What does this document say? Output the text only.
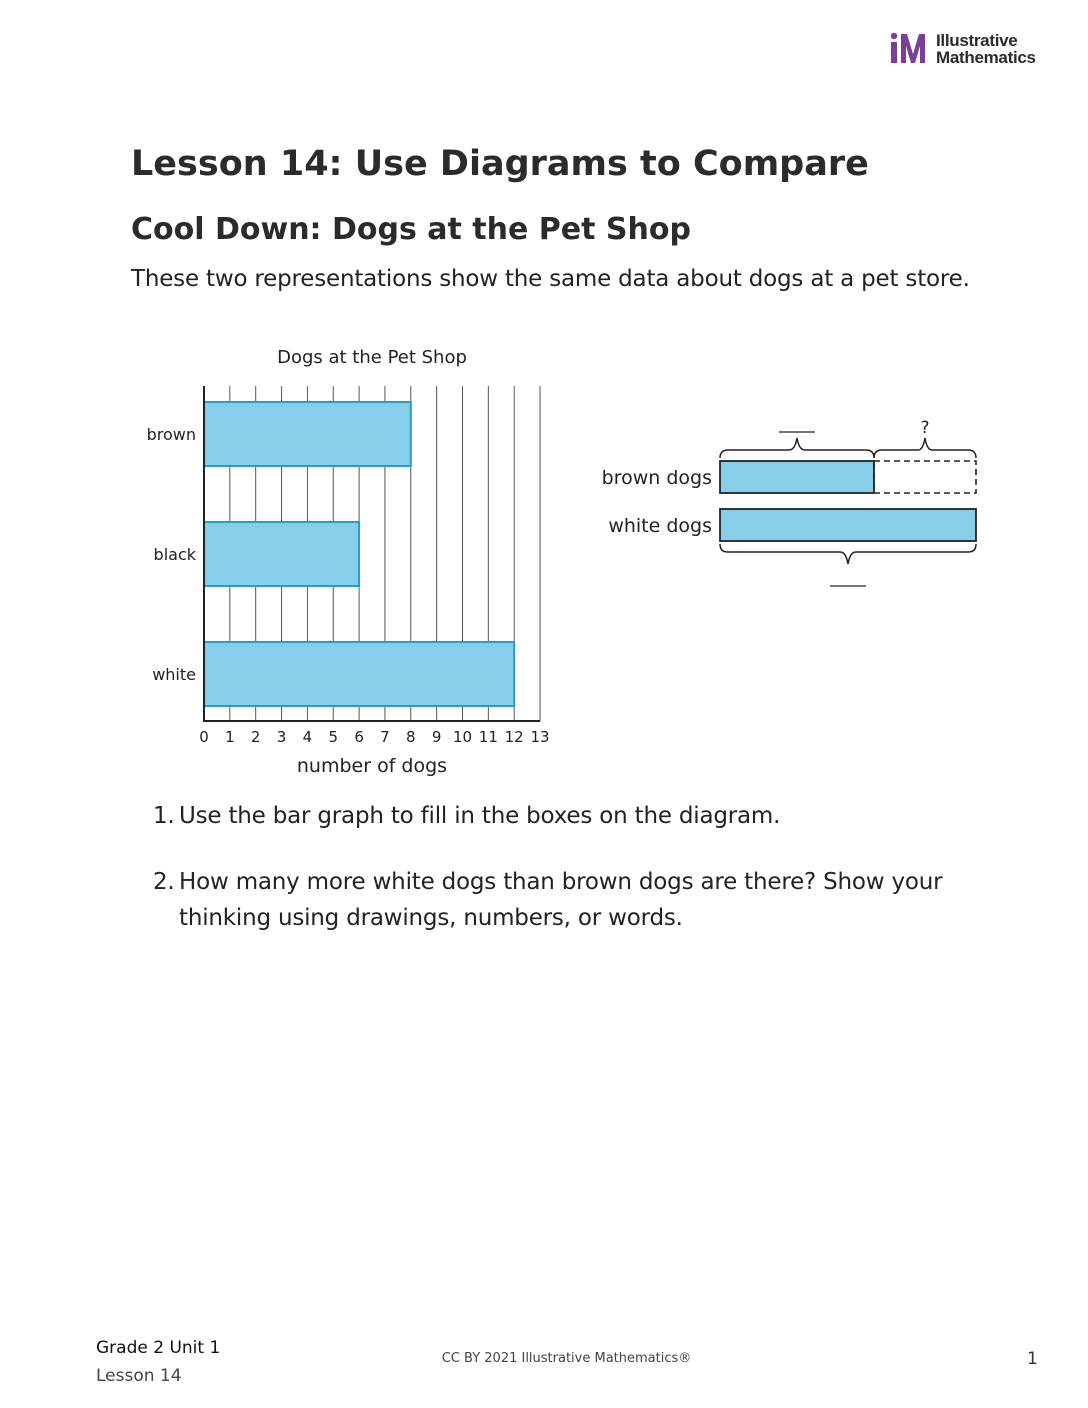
Illustrative
Mathematics
Lesson 14: Use Diagrams to Compare
Cool Down: Dogs at the Pet Shop

These two representations show the same data about dogs at a pet store.

Dogs at the Pet Shop
brown
black
white
0 1 2 3 4 5 6 7 8 9 10 11 12 13
number of dogs
?
brown dogs
white dogs
1. Use the bar graph to fill in the boxes on the diagram.
2. How many more white dogs than brown dogs are there? Show your thinking using drawings, numbers, or words.
Grade 2 Unit 1
Lesson 14
CC BY 2021 Illustrative Mathematics®	1
